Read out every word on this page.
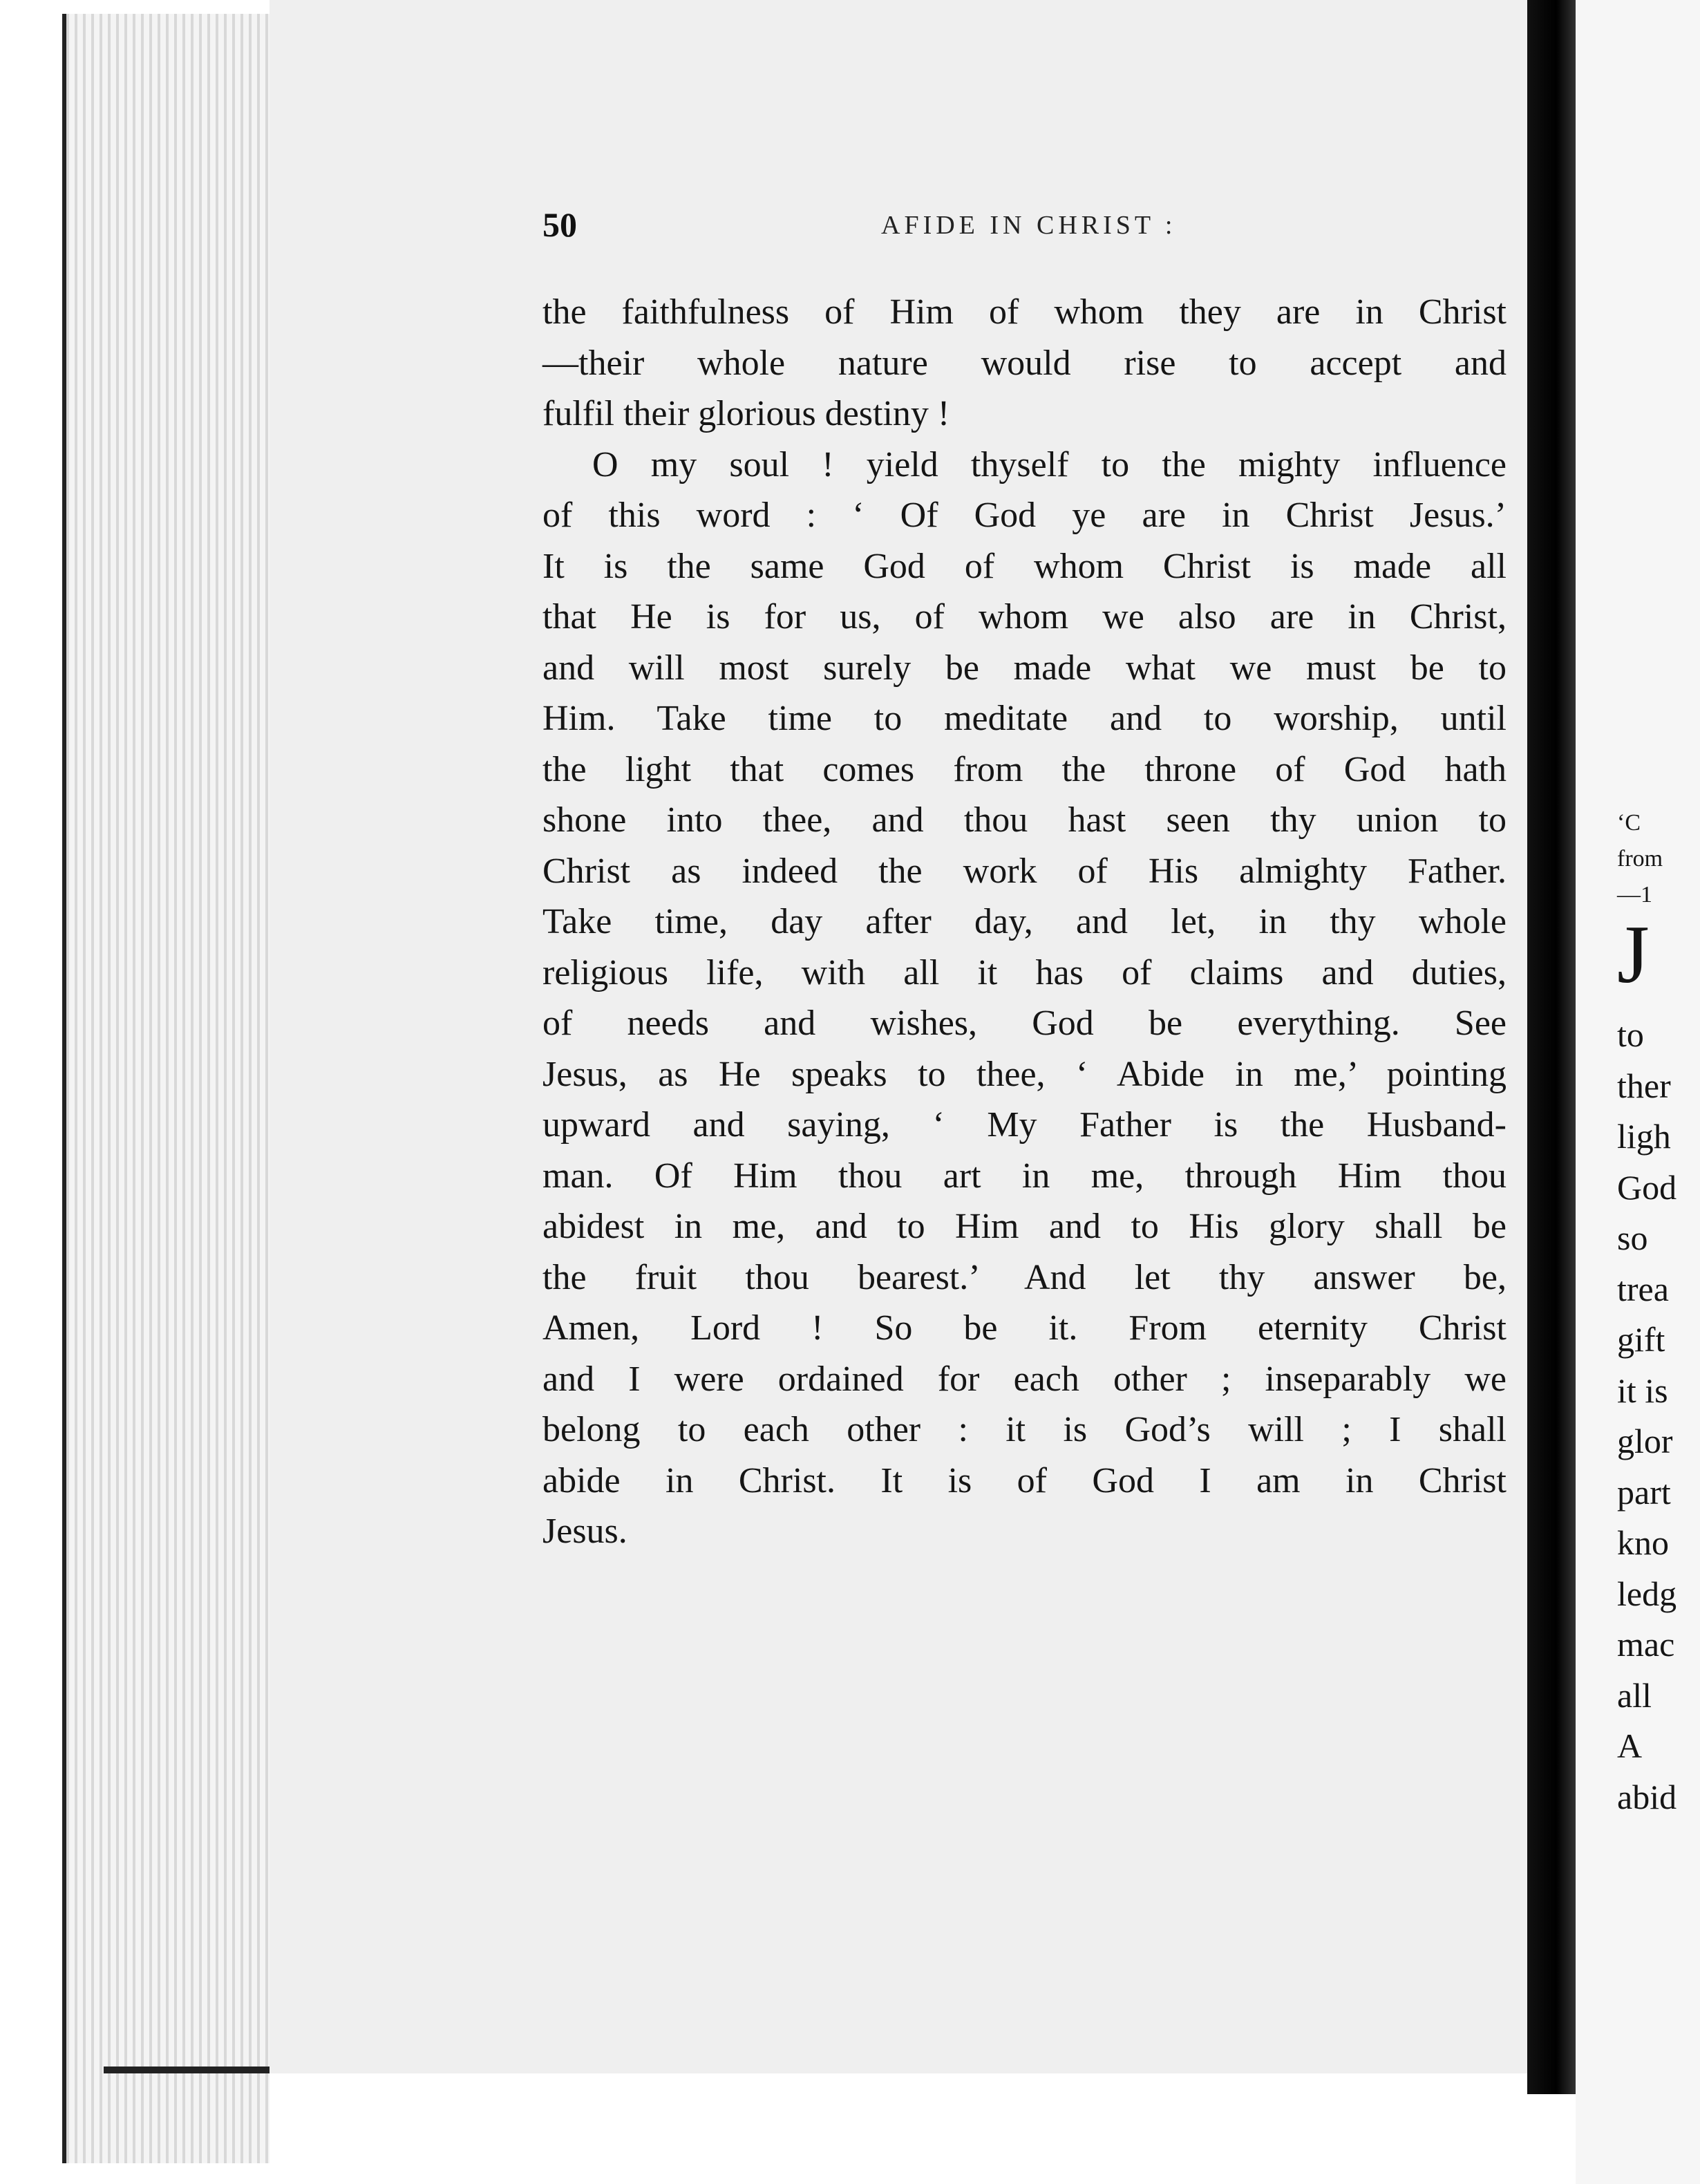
50	AFIDE IN CHRIST :
the faithfulness of Him of whom they are in Christ
—their whole nature would rise to accept and
fulfil their glorious destiny !
O my soul ! yield thyself to the mighty influence
of this word : ‘ Of God ye are in Christ Jesus.’
It is the same God of whom Christ is made all
that He is for us, of whom we also are in Christ,
and will most surely be made what we must be to
Him. Take time to meditate and to worship, until
the light that comes from the throne of God hath
shone into thee, and thou hast seen thy union to
Christ as indeed the work of His almighty Father.
Take time, day after day, and let, in thy whole
religious life, with all it has of claims and duties,
of needs and wishes, God be everything. See
Jesus, as He speaks to thee, ‘ Abide in me,’ pointing
upward and saying, ‘ My Father is the Husband-
man. Of Him thou art in me, through Him thou
abidest in me, and to Him and to His glory shall be
the fruit thou bearest.’ And let thy answer be,
Amen, Lord ! So be it. From eternity Christ
and I were ordained for each other ; inseparably we
belong to each other : it is God’s will ; I shall
abide in Christ. It is of God I am in Christ
Jesus.
‘C
from
—1
J
to
ther
ligh
God
so
trea
gift
it is
glor
part
kno
ledg
mac
all
A
abid
